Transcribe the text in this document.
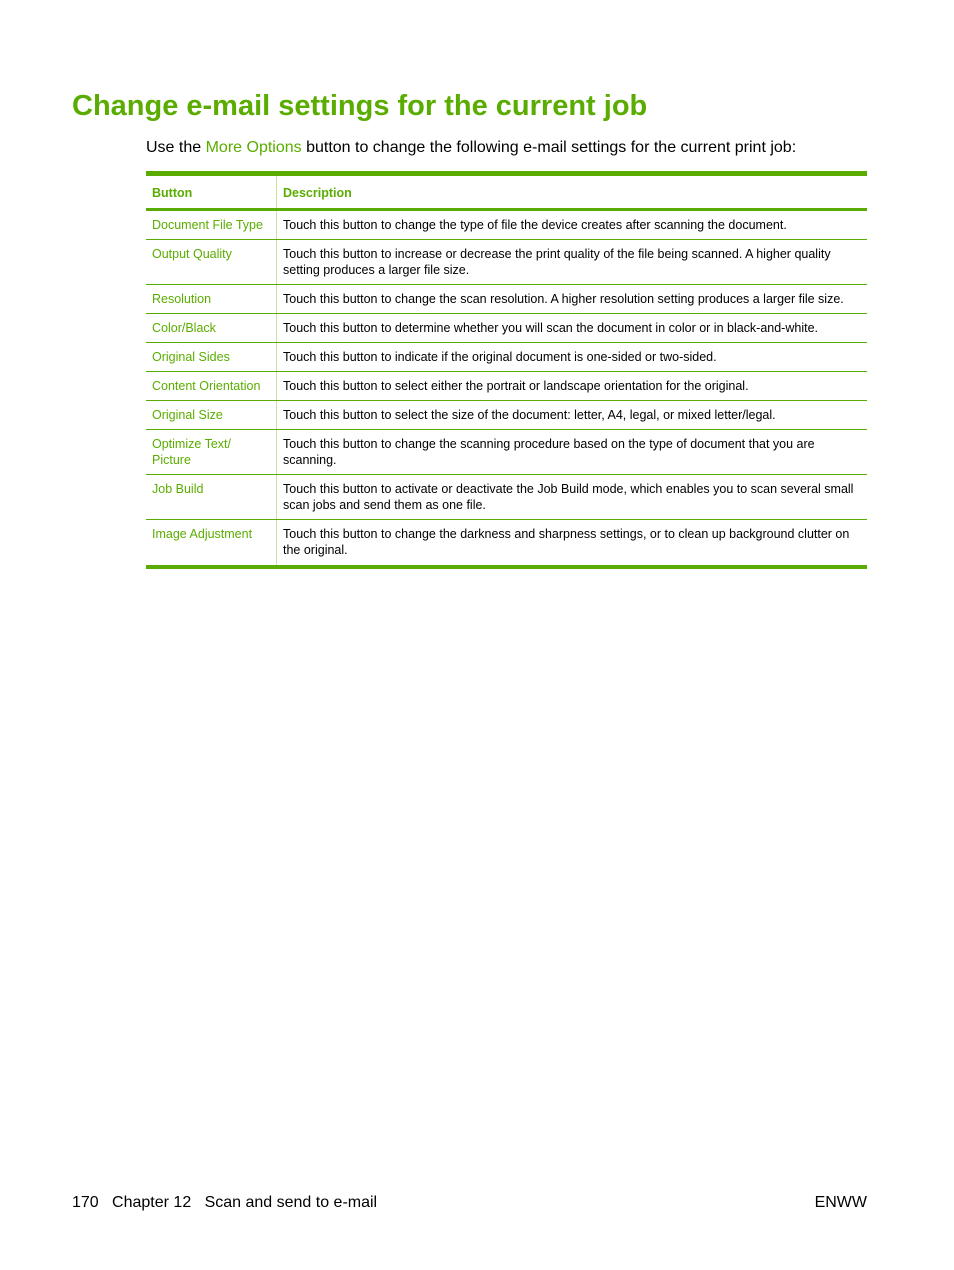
Change e-mail settings for the current job
Use the More Options button to change the following e-mail settings for the current print job:
Button	Description
Document File Type	Touch this button to change the type of file the device creates after scanning the document.
Output Quality	Touch this button to increase or decrease the print quality of the file being scanned. A higher quality setting produces a larger file size.
Resolution	Touch this button to change the scan resolution. A higher resolution setting produces a larger file size.
Color/Black	Touch this button to determine whether you will scan the document in color or in black-and-white.
Original Sides	Touch this button to indicate if the original document is one-sided or two-sided.
Content Orientation	Touch this button to select either the portrait or landscape orientation for the original.
Original Size	Touch this button to select the size of the document: letter, A4, legal, or mixed letter/legal.
Optimize Text/ Picture	Touch this button to change the scanning procedure based on the type of document that you are scanning.
Job Build	Touch this button to activate or deactivate the Job Build mode, which enables you to scan several small scan jobs and send them as one file.
Image Adjustment	Touch this button to change the darkness and sharpness settings, or to clean up background clutter on the original.
170 Chapter 12 Scan and send to e-mail	ENWW
